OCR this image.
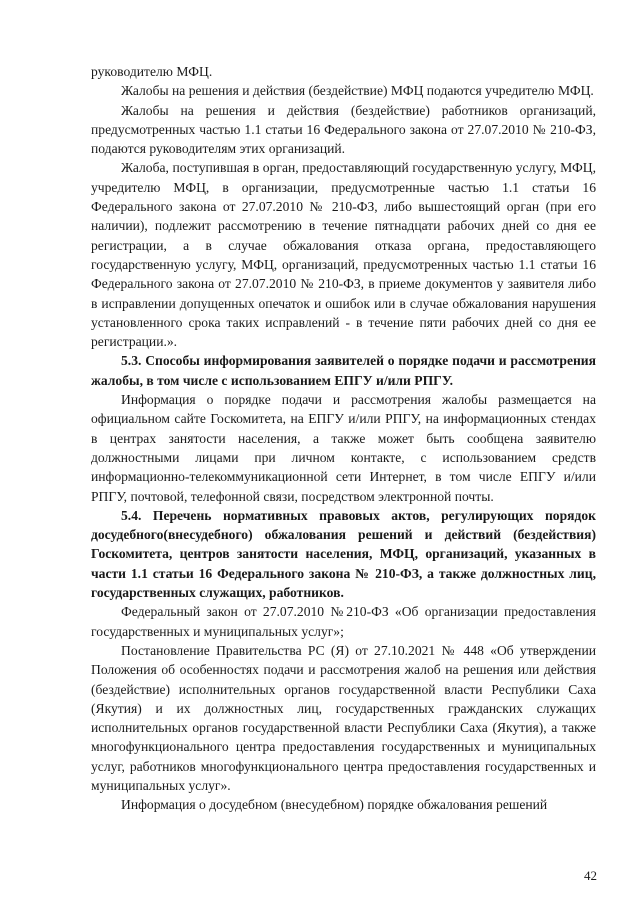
руководителю МФЦ.

Жалобы на решения и действия (бездействие) МФЦ подаются учредителю МФЦ.

Жалобы на решения и действия (бездействие) работников организаций, предусмотренных частью 1.1 статьи 16 Федерального закона от 27.07.2010 № 210-ФЗ, подаются руководителям этих организаций.

Жалоба, поступившая в орган, предоставляющий государственную услугу, МФЦ, учредителю МФЦ, в организации, предусмотренные частью 1.1 статьи 16 Федерального закона от 27.07.2010 № 210-ФЗ, либо вышестоящий орган (при его наличии), подлежит рассмотрению в течение пятнадцати рабочих дней со дня ее регистрации, а в случае обжалования отказа органа, предоставляющего государственную услугу, МФЦ, организаций, предусмотренных частью 1.1 статьи 16 Федерального закона от 27.07.2010 № 210-ФЗ, в приеме документов у заявителя либо в исправлении допущенных опечаток и ошибок или в случае обжалования нарушения установленного срока таких исправлений - в течение пяти рабочих дней со дня ее регистрации.».

5.3. Способы информирования заявителей о порядке подачи и рассмотрения жалобы, в том числе с использованием ЕПГУ и/или РПГУ.

Информация о порядке подачи и рассмотрения жалобы размещается на официальном сайте Госкомитета, на ЕПГУ и/или РПГУ, на информационных стендах в центрах занятости населения, а также может быть сообщена заявителю должностными лицами при личном контакте, с использованием средств информационно-телекоммуникационной сети Интернет, в том числе ЕПГУ и/или РПГУ, почтовой, телефонной связи, посредством электронной почты.

5.4. Перечень нормативных правовых актов, регулирующих порядок досудебного(внесудебного) обжалования решений и действий (бездействия) Госкомитета, центров занятости населения, МФЦ, организаций, указанных в части 1.1 статьи 16 Федерального закона № 210-ФЗ, а также должностных лиц, государственных служащих, работников.

Федеральный закон от 27.07.2010 №210-ФЗ «Об организации предоставления государственных и муниципальных услуг»;

Постановление Правительства РС (Я) от 27.10.2021 № 448 «Об утверждении Положения об особенностях подачи и рассмотрения жалоб на решения или действия (бездействие) исполнительных органов государственной власти Республики Саха (Якутия) и их должностных лиц, государственных гражданских служащих исполнительных органов государственной власти Республики Саха (Якутия), а также многофункционального центра предоставления государственных и муниципальных услуг, работников многофункционального центра предоставления государственных и муниципальных услуг».

Информация о досудебном (внесудебном) порядке обжалования решений

42
